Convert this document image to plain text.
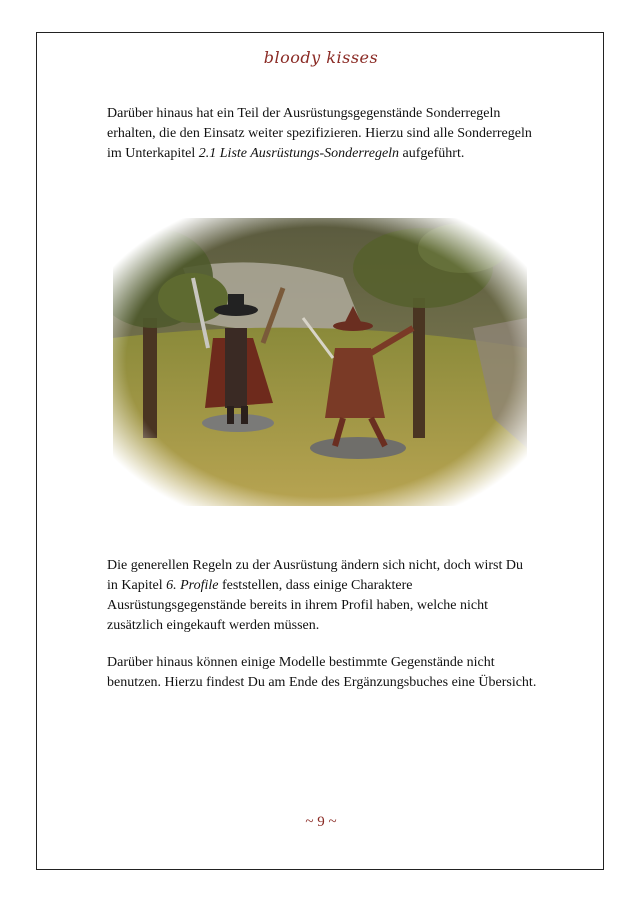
bloody kisses
Darüber hinaus hat ein Teil der Ausrüstungsgegenstände Sonderregeln erhalten, die den Einsatz weiter spezifizieren. Hierzu sind alle Sonderregeln im Unterkapitel 2.1 Liste Ausrüstungs-Sonderregeln aufgeführt.
Die generellen Regeln zu der Ausrüstung ändern sich nicht, doch wirst Du in Kapitel 6. Profile feststellen, dass einige Charaktere Ausrüstungsgegenstände bereits in ihrem Profil haben, welche nicht zusätzlich eingekauft werden müssen.
Darüber hinaus können einige Modelle bestimmte Gegenstände nicht benutzen. Hierzu findest Du am Ende des Ergänzungsbuches eine Übersicht.
~ 9 ~
